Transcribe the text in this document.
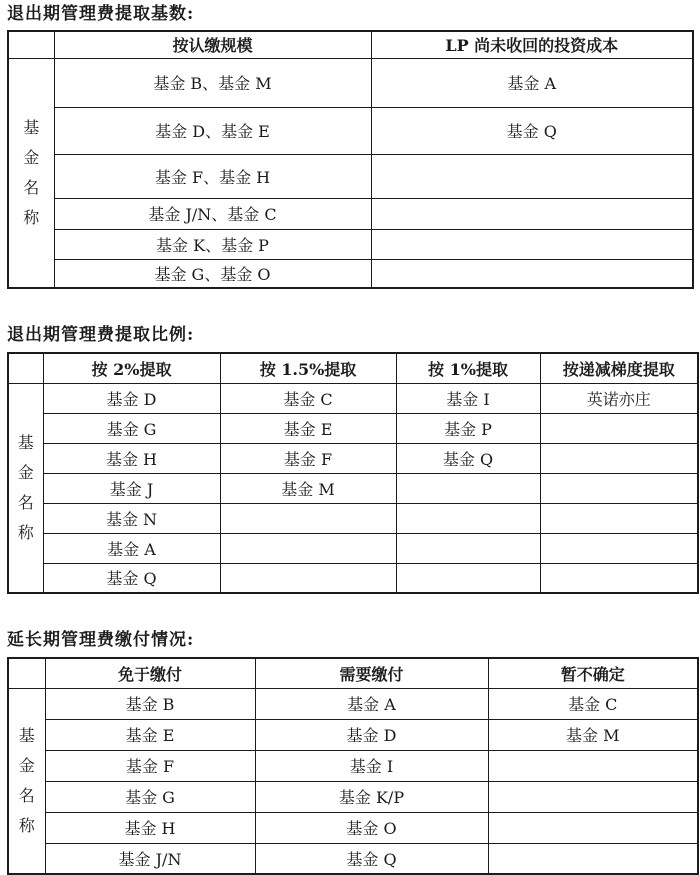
退出期管理费提取基数:
	按认缴规模	LP 尚未收回的投资成本

基
金
名
称	基金 B、基金 M	基金 A
	基金 D、基金 E	基金 Q
	基金 F、基金 H	
	基金 J/N、基金 C	
	基金 K、基金 P	
	基金 G、基金 O	
退出期管理费提取比例:
	按 2%提取	按 1.5%提取	按 1%提取	按递减梯度提取

基
金
名
称	基金 D	基金 C	基金 I	英诺亦庄
	基金 G	基金 E	基金 P	
	基金 H	基金 F	基金 Q	
	基金 J	基金 M		
	基金 N			
	基金 A			
	基金 Q			
延长期管理费缴付情况:
	免于缴付	需要缴付	暂不确定

基
金
名
称	基金 B	基金 A	基金 C
	基金 E	基金 D	基金 M
	基金 F	基金 I	
	基金 G	基金 K/P	
	基金 H	基金 O	
	基金 J/N	基金 Q	
